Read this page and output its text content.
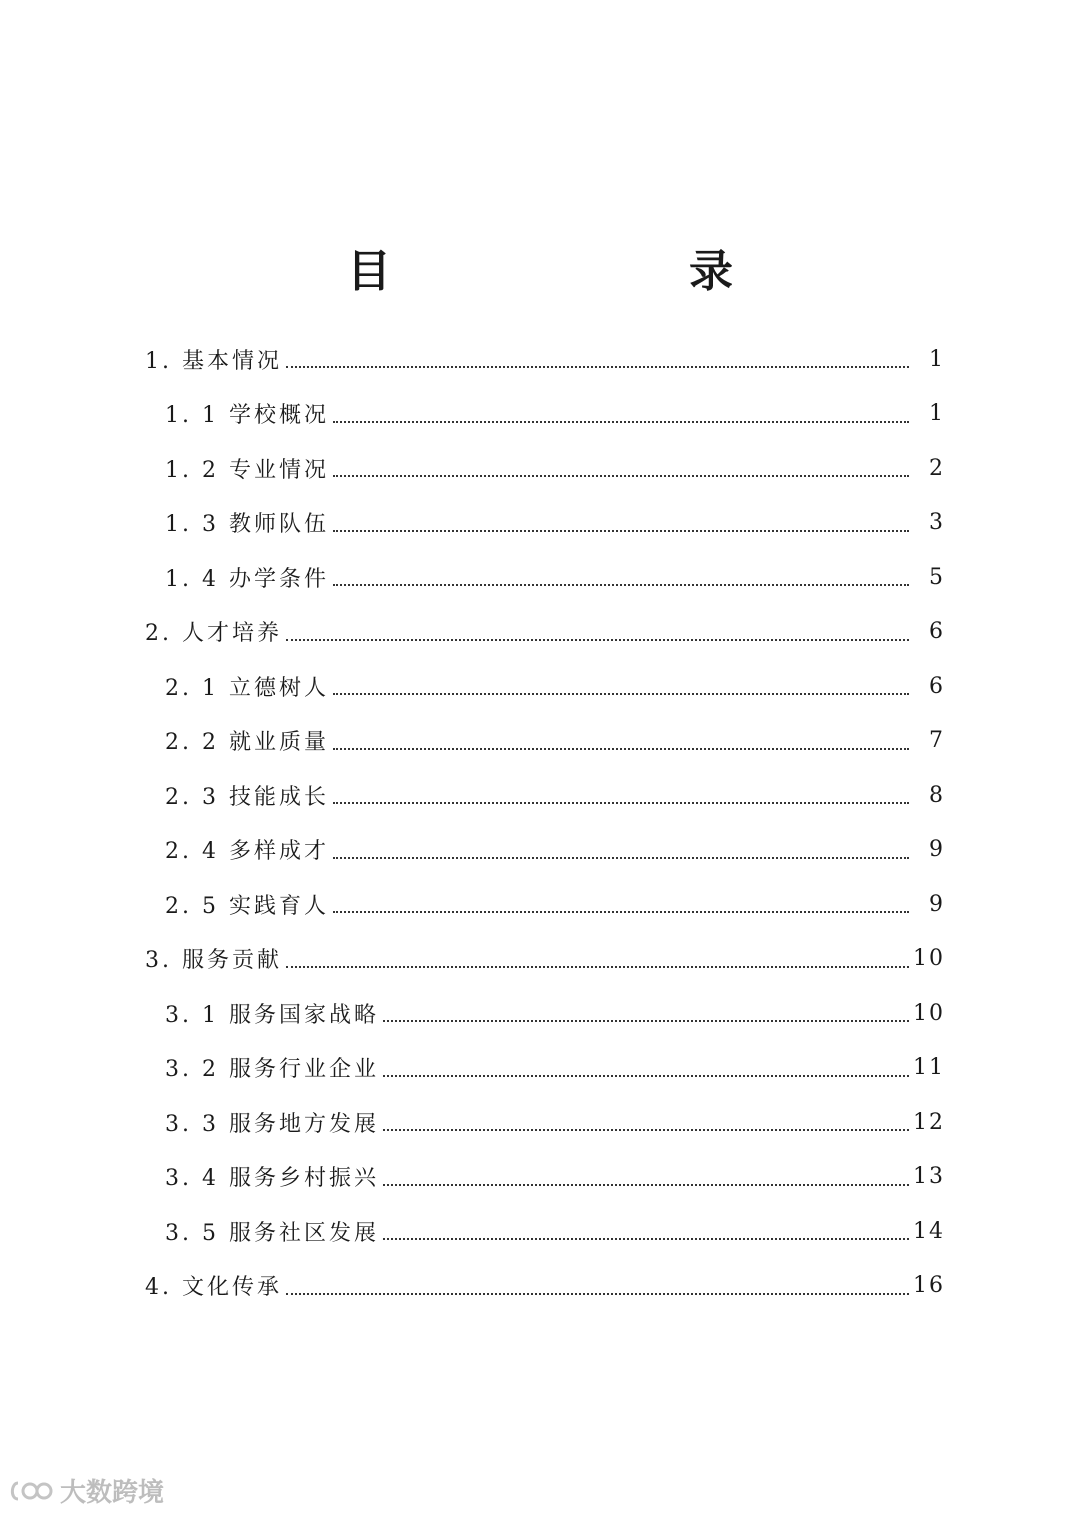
目　　录
1. 基本情况	1
1. 1 学校概况	1
1. 2 专业情况	2
1. 3 教师队伍	3
1. 4 办学条件	5
2. 人才培养	6
2. 1 立德树人	6
2. 2 就业质量	7
2. 3 技能成长	8
2. 4 多样成才	9
2. 5 实践育人	9
3. 服务贡献	10
3. 1 服务国家战略	10
3. 2 服务行业企业	11
3. 3 服务地方发展	12
3. 4 服务乡村振兴	13
3. 5 服务社区发展	14
4. 文化传承	16
大数跨境
